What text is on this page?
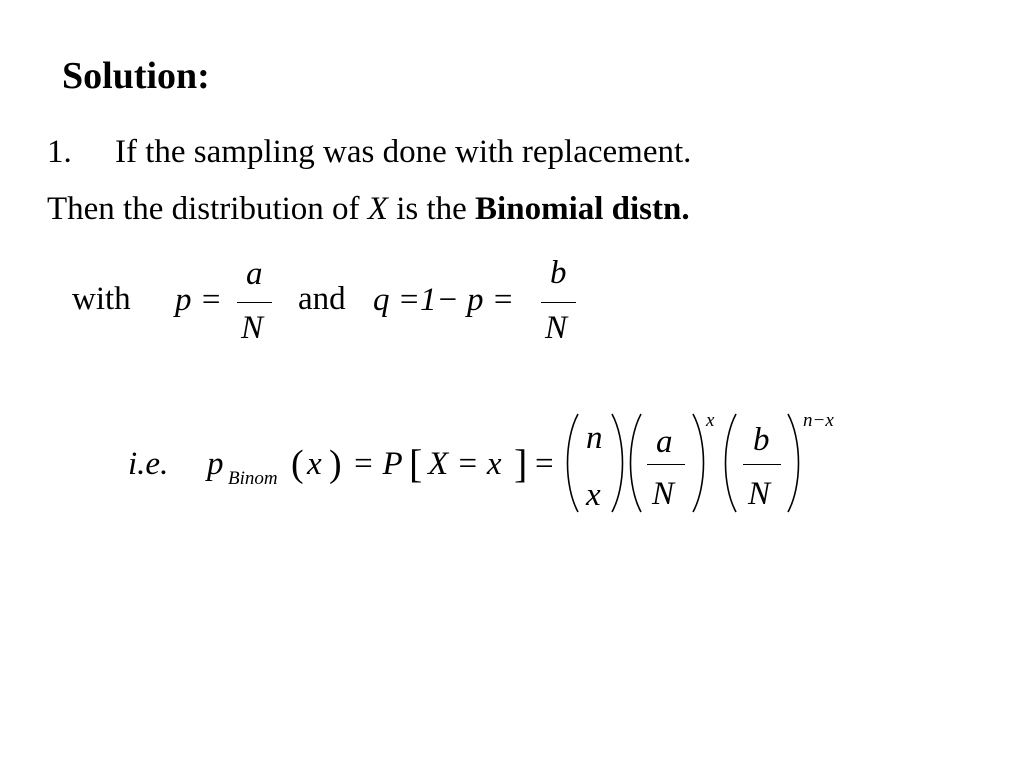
Solution:
1. If the sampling was done with replacement.
Then the distribution of X is the Binomial distn.
with p =
a
N
and q =1− p =
b
N
i.e. p Binom ( x ) = P [ X = x ] =
n
x
a
N
x
b
N
n−x
